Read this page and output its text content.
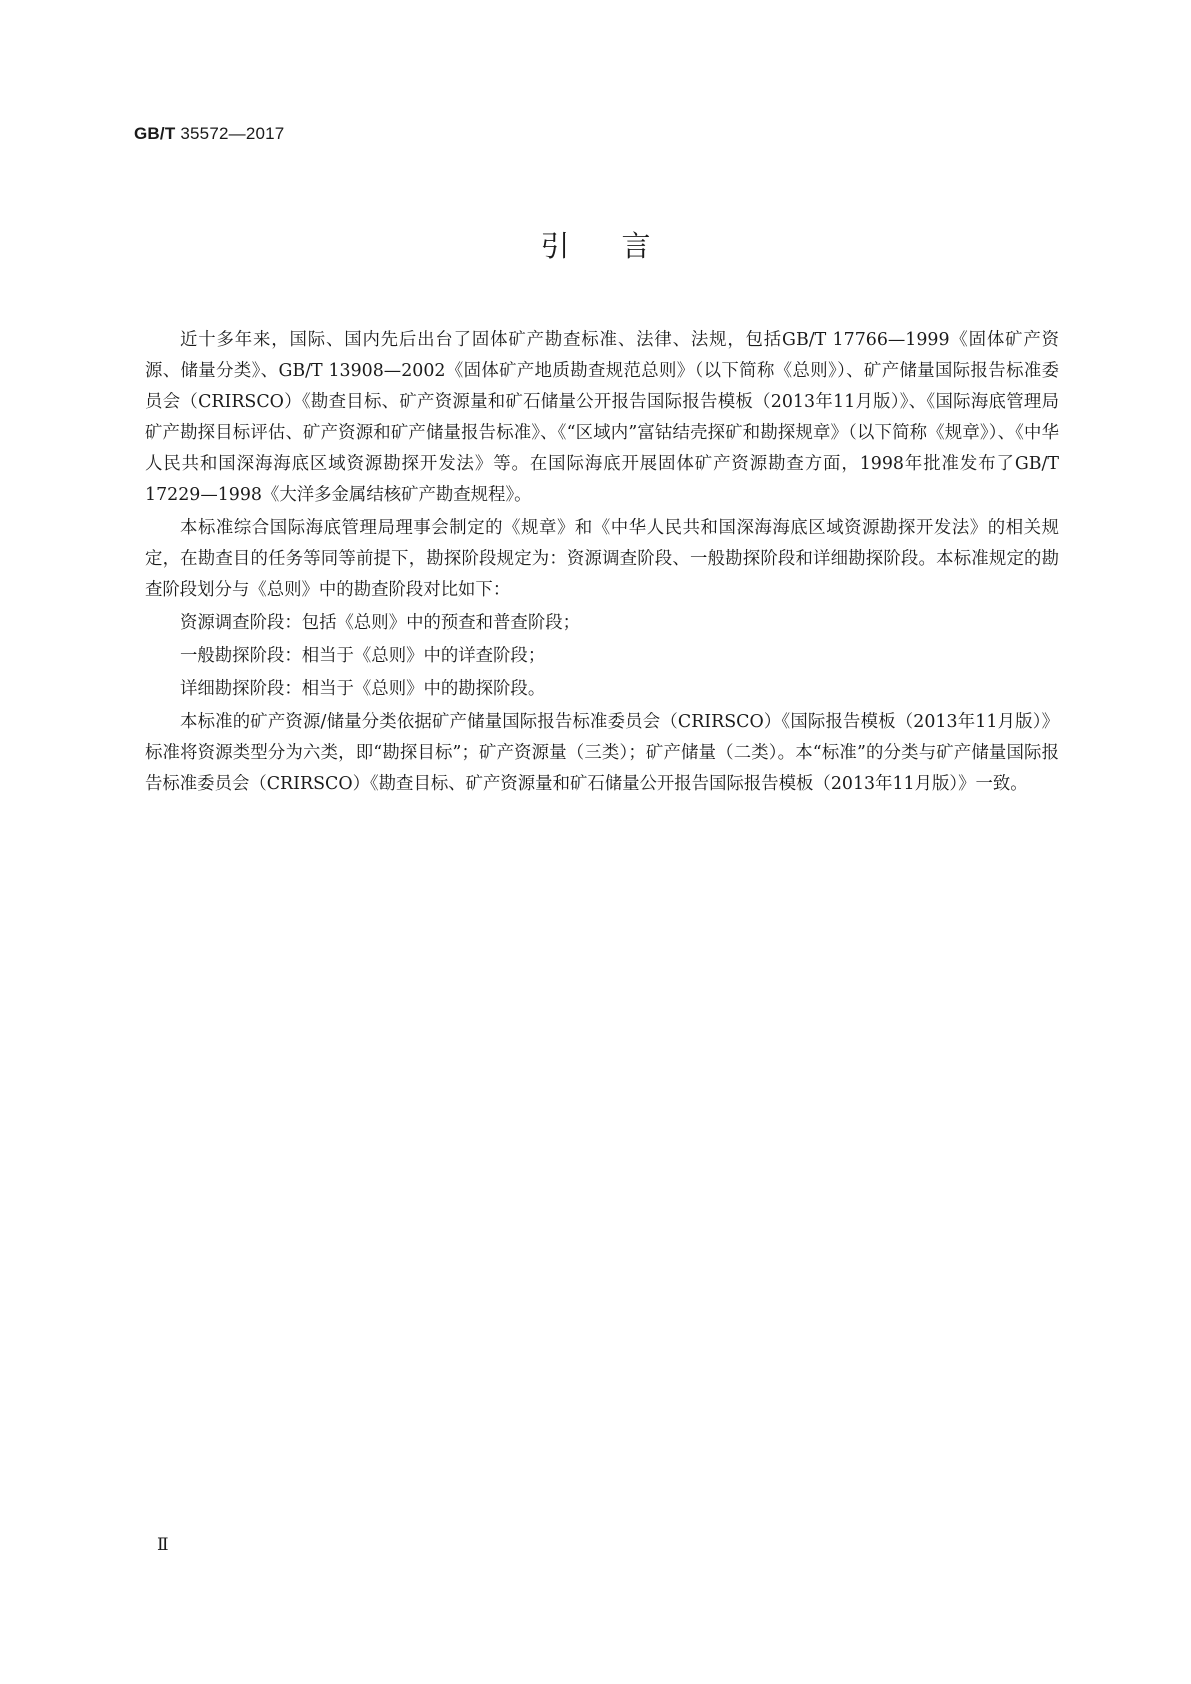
GB/T 35572—2017
引言

近十多年来，国际、国内先后出台了固体矿产勘查标准、法律、法规，包括GB/T 17766—1999《固体矿产资源、储量分类》、GB/T 13908—2002《固体矿产地质勘查规范总则》（以下简称《总则》）、矿产储量国际报告标准委员会（CRIRSCO）《勘查目标、矿产资源量和矿石储量公开报告国际报告模板（2013年11月版）》、《国际海底管理局矿产勘探目标评估、矿产资源和矿产储量报告标准》、《“区域内”富钴结壳探矿和勘探规章》（以下简称《规章》）、《中华人民共和国深海海底区域资源勘探开发法》等。在国际海底开展固体矿产资源勘查方面，1998年批准发布了GB/T 17229—1998《大洋多金属结核矿产勘查规程》。

本标准综合国际海底管理局理事会制定的《规章》和《中华人民共和国深海海底区域资源勘探开发法》的相关规定，在勘查目的任务等同等前提下，勘探阶段规定为：资源调查阶段、一般勘探阶段和详细勘探阶段。本标准规定的勘查阶段划分与《总则》中的勘查阶段对比如下：

资源调查阶段：包括《总则》中的预查和普查阶段；

一般勘探阶段：相当于《总则》中的详查阶段；

详细勘探阶段：相当于《总则》中的勘探阶段。

本标准的矿产资源/储量分类依据矿产储量国际报告标准委员会（CRIRSCO）《国际报告模板（2013年11月版）》标准将资源类型分为六类，即“勘探目标”；矿产资源量（三类）；矿产储量（二类）。本“标准”的分类与矿产储量国际报告标准委员会（CRIRSCO）《勘查目标、矿产资源量和矿石储量公开报告国际报告模板（2013年11月版）》一致。

Ⅱ
